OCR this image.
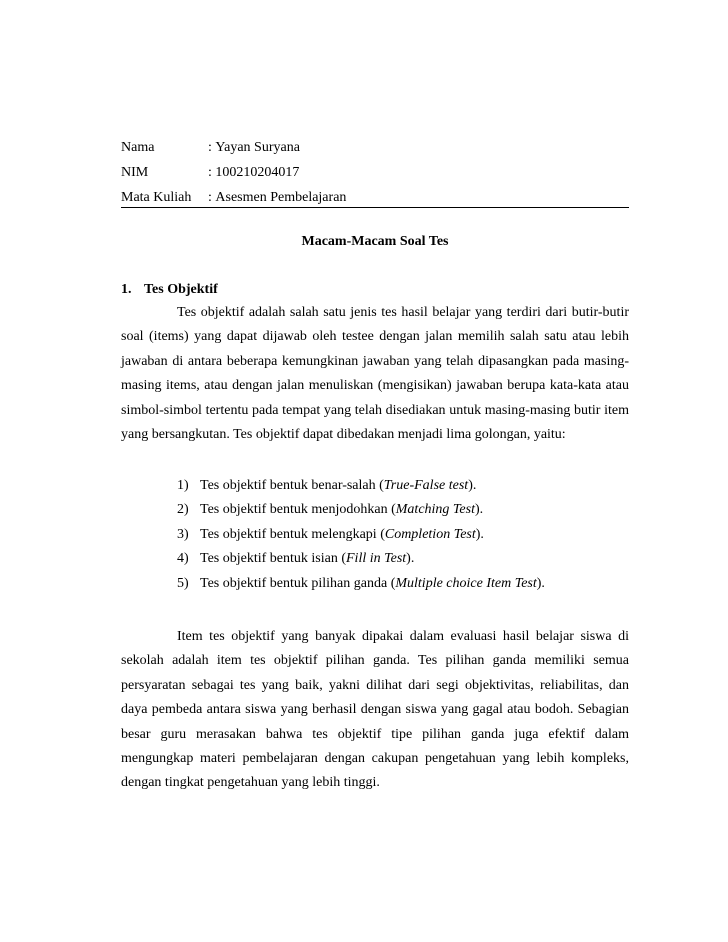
Nama	: Yayan Suryana
NIM	: 100210204017
Mata Kuliah	: Asesmen Pembelajaran
Macam-Macam Soal Tes
1. Tes Objektif

Tes objektif adalah salah satu jenis tes hasil belajar yang terdiri dari butir-butir soal (items) yang dapat dijawab oleh testee dengan jalan memilih salah satu atau lebih jawaban di antara beberapa kemungkinan jawaban yang telah dipasangkan pada masing-masing items, atau dengan jalan menuliskan (mengisikan) jawaban berupa kata-kata atau simbol-simbol tertentu pada tempat yang telah disediakan untuk masing-masing butir item yang bersangkutan. Tes objektif dapat dibedakan menjadi lima golongan, yaitu:

1) Tes objektif bentuk benar-salah (True-False test).
2) Tes objektif bentuk menjodohkan (Matching Test).
3) Tes objektif bentuk melengkapi (Completion Test).
4) Tes objektif bentuk isian (Fill in Test).
5) Tes objektif bentuk pilihan ganda (Multiple choice Item Test).

Item tes objektif yang banyak dipakai dalam evaluasi hasil belajar siswa di sekolah adalah item tes objektif pilihan ganda. Tes pilihan ganda memiliki semua persyaratan sebagai tes yang baik, yakni dilihat dari segi objektivitas, reliabilitas, dan daya pembeda antara siswa yang berhasil dengan siswa yang gagal atau bodoh. Sebagian besar guru merasakan bahwa tes objektif tipe pilihan ganda juga efektif dalam mengungkap materi pembelajaran dengan cakupan pengetahuan yang lebih kompleks, dengan tingkat pengetahuan yang lebih tinggi.
